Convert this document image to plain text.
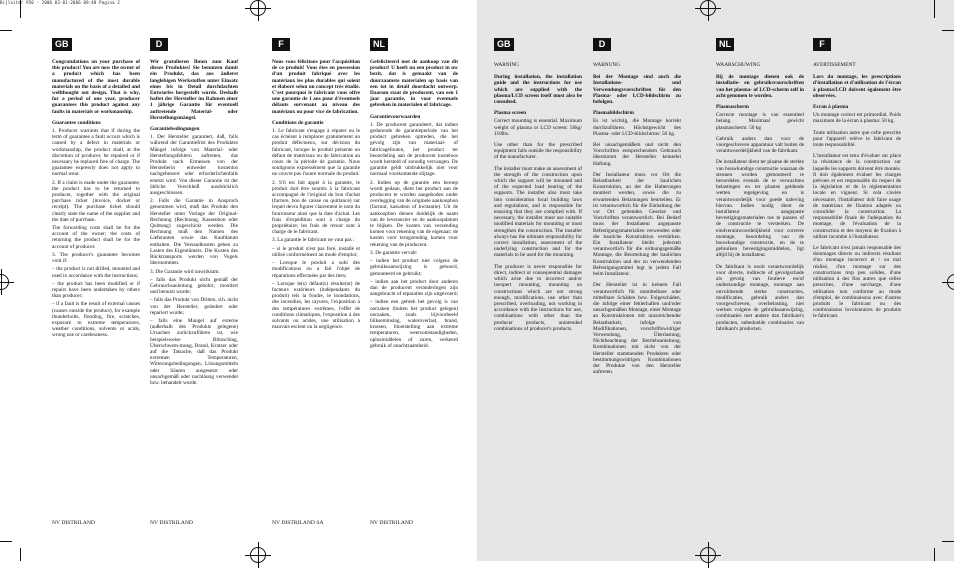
Bijlaiter 950 - 2006 03-01-2006 09:48 Pagina 2
GB

Congratulations on your purchase of this product! You are now the owner of a product which has been manufactured of the most durable materials on the basis of a detailed and wellthought out design. That is why, for a period of one year, producer guarantees this product against any faults in materials or workmanship.

Guarantee conditions

1. Producer warrants that if during the term of guarantee a fault occurs which is caused by a defect in materials or workmanship, the product shall, at the discretion of producer, be repaired or if necessary be replaced free of charge. The guarantee expressly does not apply to normal wear.

2. If a claim is made under the guarantee, the product has to be returned to producer, together with the original purchase ticket (invoice, docket or receipt). The purchase ticket should clearly state the name of the supplier and the date of purchase.

The forwarding costs shall be for the account of the owner; the costs of returning the product shall be for the account of producer.

3. The producer's guarantee becomes void if:

– the product is not drilled, mounted and used in accordance with the instructions;

– the product has been modified or if repairs have been undertaken by others than producer;

– if a fault is the result of external causes (causes outside the product), for example thunderbolts, flooding, fire, scratches, exposure to extreme temperatures, weather conditions, solvents or acids, wrong use or carelessness.

NV DISTRILAND
D

Wir gratulieren Ihnen zum Kauf dieses Produktes! Sie benutzen damit ein Produkt, das aus äußerst langlebigen Werkstoffen unter Einsatz eines bis in Detail durchdachten Entwurfes hergestellt wurde. Deshalb haftet der Hersteller im Rahmen einer 1 jährige Garantie für eventuell auftretende Material- oder Herstellungsmängel.

Garantiebedingungen

1. Der Hersteller garantiert, daß, falls während der Garantiefrist des Produktes Mängel infolge von Material- oder Herstellungsfehlern auftreten, das Produkt nach Ermessen von der Herstellerin entweder kostenlos nachgebessert oder erforderlichenfalls ersetzt wird. Von dieser Garantie ist der übliche Verschleiß ausdrücklich ausgeschlossen.

2. Falls die Garantie in Anspruch genommen wird, muß das Produkt den Hersteller unter Vorlage der Original-Rechnung (Rechnung, Kassenbon oder Quittung) zugeschickt werden. Die Rechnung muß den Namen des Lieferanten sowie das Kaufdatum enthalten. Die Versandkosten gehen zu Lasten des Eigentümers. Die Kosten des Rücktransports werden von Vogels übernommen.

3. Die Garantie wird unwirksam:

– falls das Produkt nicht gemäß der Gebrauchsanleitung gebohrt, montiert und benutzt wurde;

– falls das Produkt von Dritten, d.h. nicht von der Hersteller, geändert oder repariert wurde;

– falls eine Mangel auf externe (außerhalb des Produkts gelegene) Ursachen zurückzuführen ist, wie beispielsweise Blitzschlag, Überschwem-mung, Brand, Kratzer oder auf die Tatsache, daß das Produkt extremen Temperaturen, Witterungsbedingungen, Lösungsmitteln oder Säuren ausgesetzt oder unsachgemäß oder nachlässig verwendet bzw. behandelt wurde.

NV DISTRILAND
F

Nous vous félicitons pour l'acquisition de ce produit! Vous êtes en possession d'un produit fabriqué avec les matériaux les plus durables qui soient et élaboré selon un concept très étudié. C'est pourquoi le fabricant vous offre une garantie de 1 ans pour d'éventuels défauts survenant au niveau des matériaux ou pour vice de fabrication.

Conditions de garantie

1. Le fabricant s'engage à réparer ou le cas échéant à remplacer gratuitement un produit défectueux, sur décision du fabricant, lorsque le produit présente un défaut de matériaux ou de fabrication au cours de la période de garantie. Nous soulignons expressément que la garantie ne couvre pas l'usure normale du produit.

2. S'il est fait appel à la garantie, le produit doit être soumis à la fabricant accompagné de l'original du bon d'achat (facture, bon de caisse ou quittance) sur lequel devra figurer clairement le nom du fournisseur ainsi que la date d'achat. Les frais d'expédition sont à charge du propriétaire; les frais de retour sont à charge de le fabricant.

3. La garantie le fabricant ne vaut pas :

– si le produit n'est pas foré, installé et utilisé conformément au mode d'emploi;

– Lorsque le produit a subi des modifications ou a fait l'objet de réparations effectuées par des tiers;

– Lorsque le(s) défaut(s) résulte(nt) de facteurs extérieurs (indépendants du produit) tels la foudre, le inondations, des incendies, les rayures, l'exposition à des températures extrêmes, l'effet de conditions climatiques, l'exposition à des solvants ou acides, une utilisation à mauvais escient ou la négligence.

NV DISTRILAND SA
NL

Gefeliciteerd met de aankoop van dit product! U heeft nu een product in uw bezit, dat is gemaakt van de duurzaamste materialen op basis van een tot in detail doordacht ontwerp. Daarom staat de producent, van een 1 jaar garantie, in voor eventuele gebreken in materialen of fabricage.

Garantievoorwaarden

1. De producent garandeert, dat indien gedurende de garantieperiode van het product gebreken optreden, die het gevolg zijn van materiaal- of fabricagefouten, het product ter beoordeling aan de producent kosteloos wordt hersteld of zonodig vervangen. De garantie geldt uitdrukkelijk niet voor normaal voorkomende slijtage.

2. Indien op de garantie een beroep wordt gedaan, dient het product aan de producent te worden aangeboden onder overlegging van de originele aankoopbon (factuur, kassabon of kwitantie). Uit de aankoopbon dienen duidelijk de naam van de leverancier en de aankoopdatum te blijken. De kosten van verzending komen voor rekening van de eigenaar; de kosten voor terugzending komen voor rekening van de producent.

3. De garantie vervalt:

– indien het product niet volgens de gebruiksaanwijzing is geboord, gemonteerd en gebruikt;

– indien aan het product door anderen dan de producent veranderingen zijn aangebracht of reparaties zijn uitgevoerd;

– indien een gebrek het gevolg is van oorzaken (buiten het product gelegen) oorzaken, zoals bijvoorbeeld blikseminslag, wateroverlast, brand, krassen, blootstelling aan extreme temperaturen, weersomstandigheden, oplosmiddelen of zuren, verkeerd gebruik of onachtzaamheid.

NV DISTRILAND
GB
WARNING

During installation, the installation guide and the instructions for use which are supplied with the plasma/LCD screen itself must also be consulted.

Plasma screen

Correct mounting is essential. Maximum weight of plasma or LCD screen: 50kg/ 110lbs.

Use other than for the prescribed equipment falls outside the responsibility of the manufacturer.

The installer must make an assessment of the strength of the construction upon which the support will be mounted and of the expected load bearing of the supports. The installer also must take into consideration local building laws and regulations, and is responsible for ensuring that they are complied with. If necessary, the installer must use suitable modified materials for mounting or must strengthen the construction. The installer always has the ultimate responsibility for correct installation, assessment of the underlying construction and for the materials to be used for the mounting.

The producer is never responsible for direct, indirect or consequential damages which arise due to incorrect and/or inexpert mounting, mounting on constructions which are not strong enough, modifications, use other than prescribed, overloading, not working in accordance with the instructions for use, combinations with other than the producer products, unintended combinations of producer's products.

D
WARNUNG

Bei der Montage sind auch die Installations- und Verwendungsvorschriften für den Plasma- oder LCD-bildschirm zu befolgen.

Plasmabildschirm

Es ist wichtig, die Montage korrekt durchzuführen. Höchstgewicht des Plasma- oder LCD-bildschirms: 50 kg.

Bei unsachgemäßem und nicht den Vorschriften entsprechendem Gebrauch übernimmt der Hersteller keinerlei Haftung.

Der Installateur muss vor Ort die Belastbarkeit der baulichen Konstruktion, an der die Halterungen montiert werden, sowie die zu erwartenden Belastungen beurteilen. Er ist verantwortlich für die Einhaltung der vor Ort geltenden Gesetze und Vorschriften verantwortlich. Bei Bedarf muss der Installateur angepasste Befestigungsmaterialien verwenden oder die bauliche Konstruktion verstärken. Ein Installateur bleibt jederzeit verantwortlich für die ordnungsgemäße Montage, die Beurteilung der baulichen Konstruktion und der zu verwendenden Befestigungsmittel legt in jedem Fall beim Installateur.

Der Hersteller ist in keinem Fall verantwortlich für unmittelbare oder mittelbare Schäden bzw. Folgeschäden, die infolge einer fehlerhaften und/oder unsachgemäßen Montage, einer Montage an Konstruktionen mit unzureichender Belastbarkeit, infolge von Modifikationen, vorschriftswidriger Verwendung, Überlastung, Nichtbeachtung der Betriebsanleitung, Kombinationen mit nicht von der Hersteller stammenden Produkten oder bestimmungswidrigen Kombinationen der Produkte von den Hersteller auftreten.

NL
WAARSCHUWING

Bij de montage dienen ook de installatie- en gebruiksvoorschriften van het plasma- of LCD-scherm zelf in acht genomen te worden.

Plasmascherm

Correcte montage is van essentieel belang. Maximaal gewicht plasmascherm: 50 kg

Gebruik anders dan voor de voorgeschreven apparatuur valt buiten de verantwoordelijkheid van de fabrikant.

De installateur dient ter plaatse de sterkte van bouwkundige constructie waaraan de steunen worden gemonteerd te beoordelen evenals de te verwachten belastingen en ter plaatse geldende wetten regelgeving en is verantwoordelijk voor goede naleving hiervan. Indien nodig dient de installateur aangepaste bevestigingsmaterialen toe te passen of de constructie te versterken. De eindverantwoordelijkheid voor correcte montage, beoordeling van de bouwkundige constructie, en de te gebruiken bevestigingsmiddelen, ligt altijd bij de installateur.

De fabrikant is nooit verantwoordelijk voor directe, indirecte of gevolgschade als gevolg van foutieve en/of ondeskundige montage, montage aan onvoldoende sterke constructies, modificaties, gebruik anders dan voorgeschreven, overbelasting, niet werken volgens de gebruiksaanwijzing, combinaties met andere dan fabrikant's producten, onbedoelde combinaties van fabrikant's producten.

F
AVERTISSEMENT

Lors du montage, les prescriptions d'installation et d'utilisation de l'écran à plasma/LCD doivent également être observées.

Ecran à plasma

Un montage correct est primordial. Poids maximum de la écran à plasma: 50 kg.

Toute utilisation autre que celle prescrite pour l'appareil relève le fabricant de toute responsabilité.

L'installateur est tenu d'évaluer sur place la résistance de la construction sur laquelle les supports doivent être montés. Il doit également évaluer les charges prévues et est responsable du respect de la législation et de la réglementation locale en vigueur. Si cela s'avère nécessaire, l'installateur doit faire usage de matériaux de fixation adaptés ou consolider la construction. La responsabilité finale de l'adéquation du montage, de l'évaluation de la construction et des moyens de fixation à utiliser incombe à l'installateur.

Le fabricant n'est jamais responsable des dommages directs ou indirects résultant d'un montage incorrect et / ou mal réalisé, d'un montage sur des constructions trop peu solides, d'une utilisation à des fins autres que celles prescrites, d'une surcharge, d'une utilisation non conforme au mode d'emploi, de combinaisons avec d'autres produits le fabricant ou des combinaisons involontaires de produits le fabricant.
